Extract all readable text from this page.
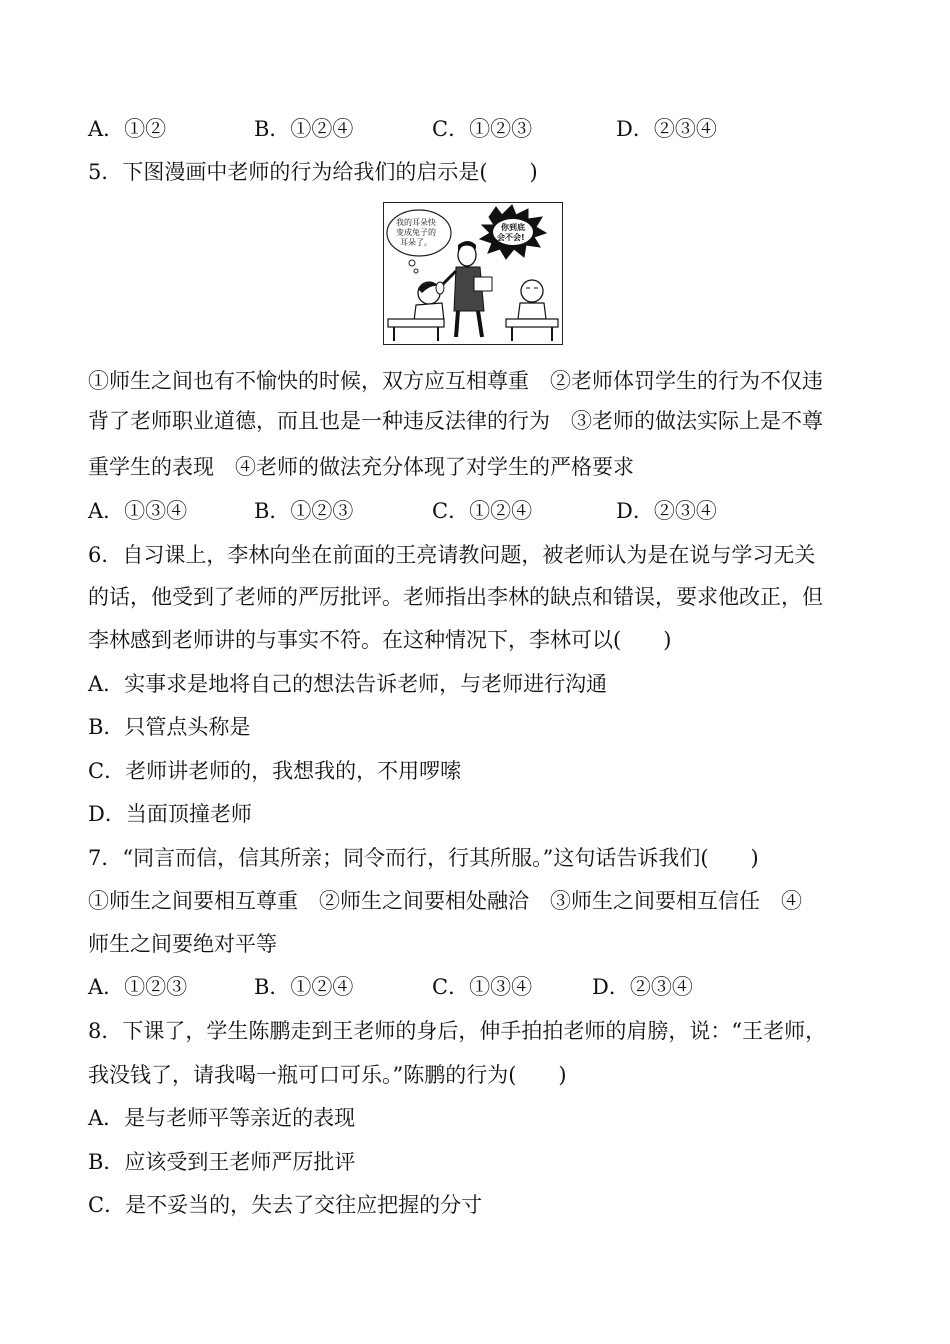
A．①②	B．①②④	C．①②③	D．②③④
5．下图漫画中老师的行为给我们的启示是(　　)
我的耳朵快
变成兔子的
耳朵了。
你到底
会不会!
①师生之间也有不愉快的时候，双方应互相尊重　②老师体罚学生的行为不仅违
背了老师职业道德，而且也是一种违反法律的行为　③老师的做法实际上是不尊
重学生的表现　④老师的做法充分体现了对学生的严格要求
A．①③④	B．①②③	C．①②④	D．②③④
6．自习课上，李林向坐在前面的王亮请教问题，被老师认为是在说与学习无关
的话，他受到了老师的严厉批评。老师指出李林的缺点和错误，要求他改正，但
李林感到老师讲的与事实不符。在这种情况下，李林可以(　　)
A．实事求是地将自己的想法告诉老师，与老师进行沟通
B．只管点头称是
C．老师讲老师的，我想我的，不用啰嗦
D．当面顶撞老师
7．“同言而信，信其所亲；同令而行，行其所服。”这句话告诉我们(　　)
①师生之间要相互尊重　②师生之间要相处融洽　③师生之间要相互信任　④
师生之间要绝对平等
A．①②③	B．①②④	C．①③④	D．②③④
8．下课了，学生陈鹏走到王老师的身后，伸手拍拍老师的肩膀，说：“王老师，
我没钱了，请我喝一瓶可口可乐。”陈鹏的行为(　　)
A．是与老师平等亲近的表现
B．应该受到王老师严厉批评
C．是不妥当的，失去了交往应把握的分寸
